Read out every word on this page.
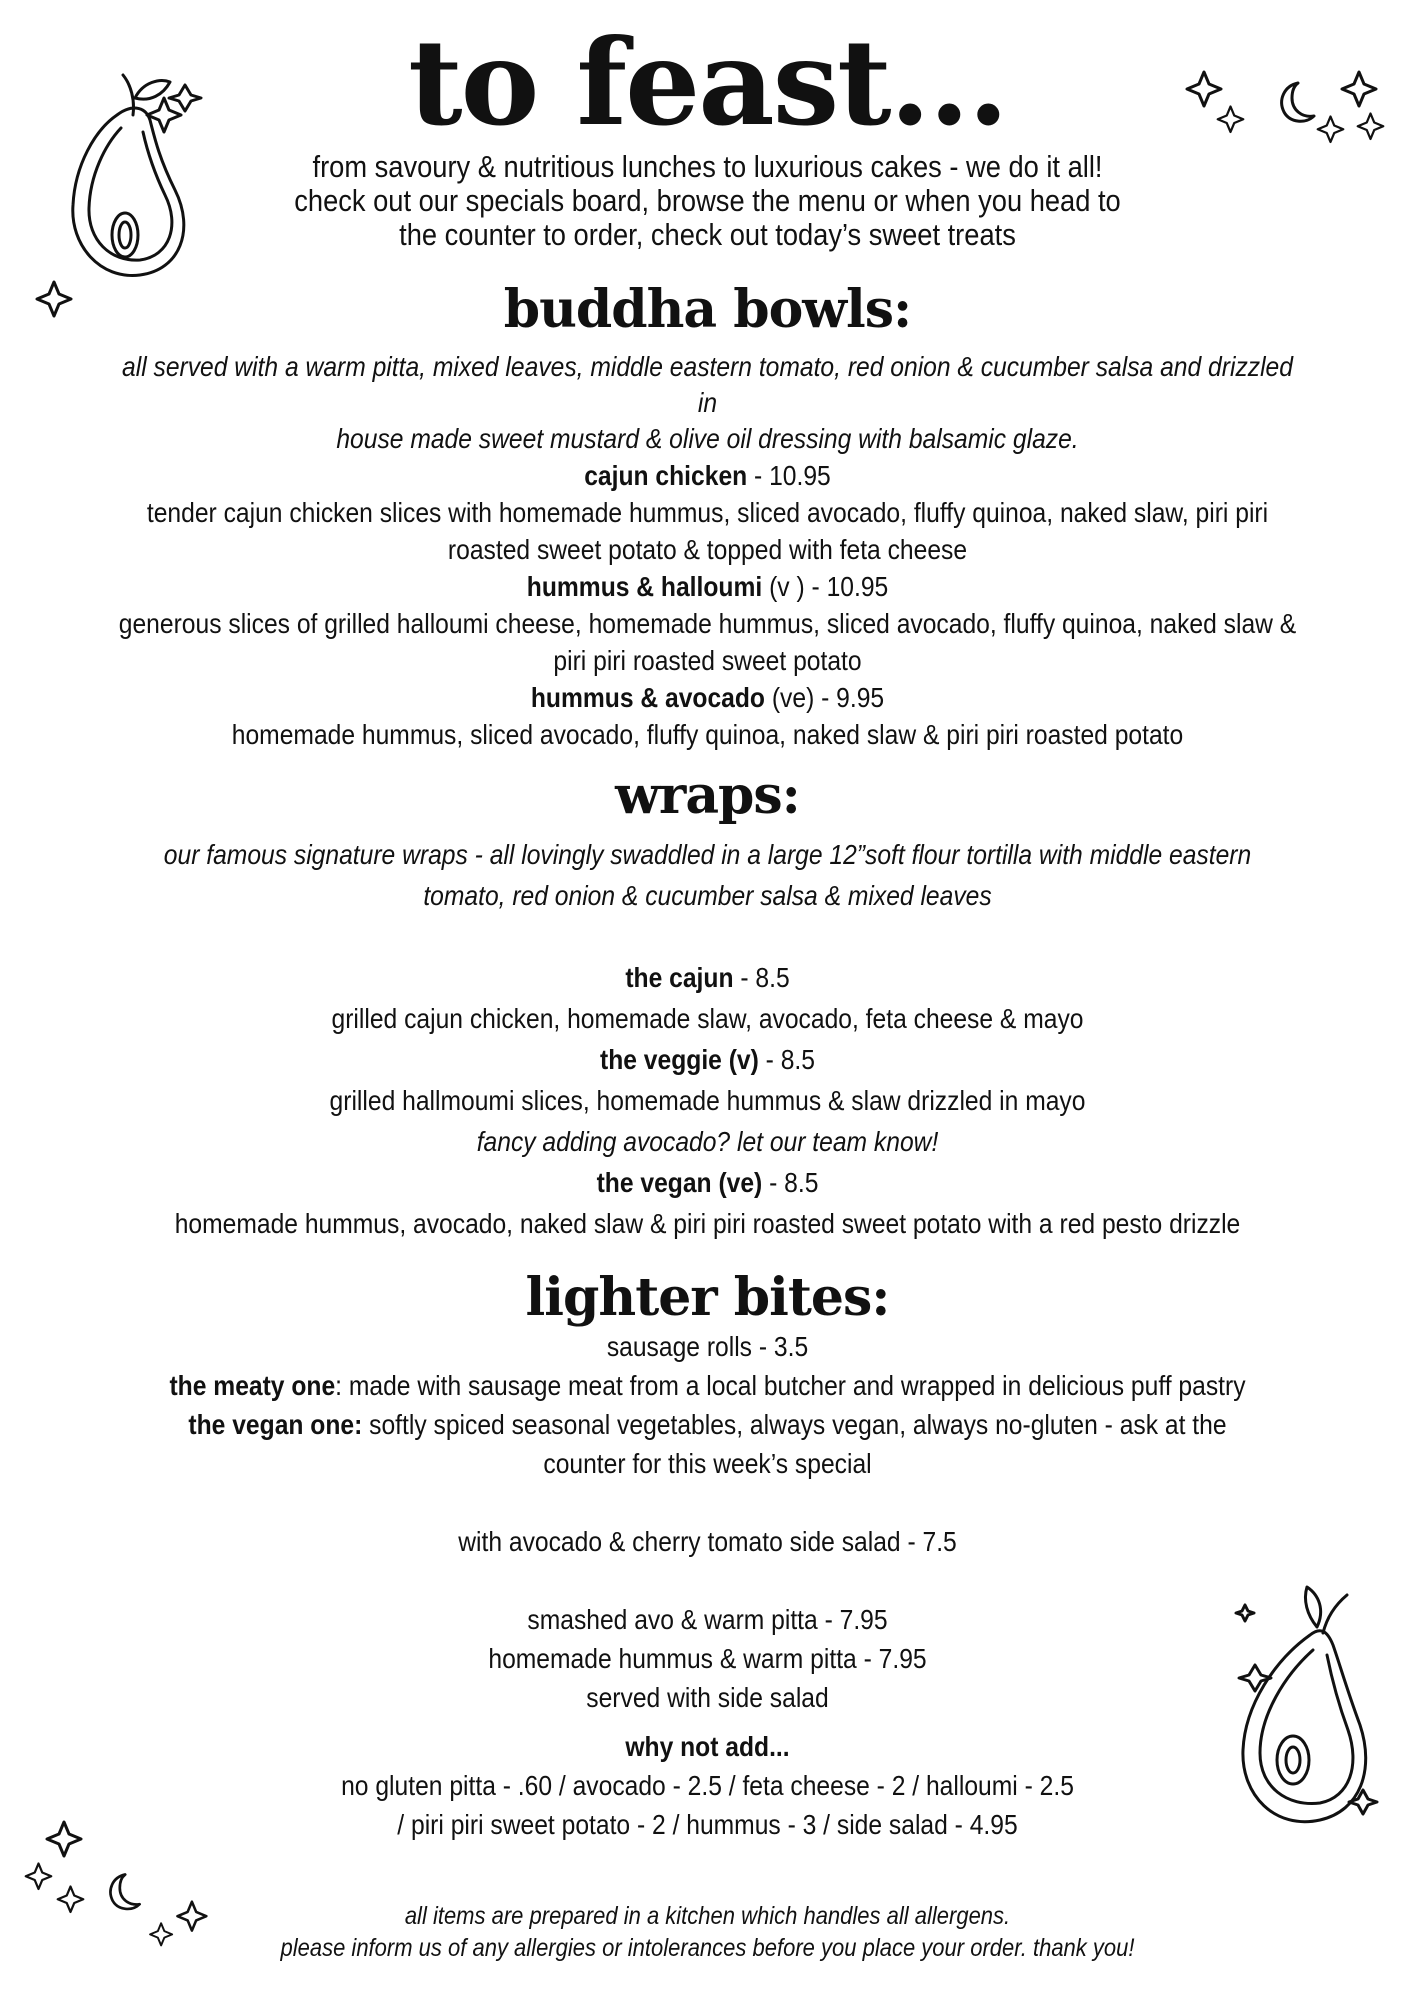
to feast...
from savoury & nutritious lunches to luxurious cakes - we do it all!
check out our specials board, browse the menu or when you head to
the counter to order, check out today’s sweet treats
buddha bowls:
all served with a warm pitta, mixed leaves, middle eastern tomato, red onion & cucumber salsa and drizzled in
house made sweet mustard & olive oil dressing with balsamic glaze.
cajun chicken - 10.95
tender cajun chicken slices with homemade hummus, sliced avocado, fluffy quinoa, naked slaw, piri piri
roasted sweet potato & topped with feta cheese
hummus & halloumi (v ) - 10.95
generous slices of grilled halloumi cheese, homemade hummus, sliced avocado, fluffy quinoa, naked slaw &
piri piri roasted sweet potato
hummus & avocado (ve) - 9.95
homemade hummus, sliced avocado, fluffy quinoa, naked slaw & piri piri roasted potato
wraps:
our famous signature wraps - all lovingly swaddled in a large 12”soft flour tortilla with middle eastern
tomato, red onion & cucumber salsa & mixed leaves
the cajun - 8.5
grilled cajun chicken, homemade slaw, avocado, feta cheese & mayo
the veggie (v) - 8.5
grilled hallmoumi slices, homemade hummus & slaw drizzled in mayo
fancy adding avocado? let our team know!
the vegan (ve) - 8.5
homemade hummus, avocado, naked slaw & piri piri roasted sweet potato with a red pesto drizzle
lighter bites:
sausage rolls - 3.5
the meaty one: made with sausage meat from a local butcher and wrapped in delicious puff pastry
the vegan one: softly spiced seasonal vegetables, always vegan, always no-gluten - ask at the
counter for this week’s special
with avocado & cherry tomato side salad - 7.5
smashed avo & warm pitta - 7.95
homemade hummus & warm pitta - 7.95
served with side salad
why not add...
no gluten pitta - .60 / avocado - 2.5 / feta cheese - 2 / halloumi - 2.5
/ piri piri sweet potato - 2 / hummus - 3 / side salad - 4.95
all items are prepared in a kitchen which handles all allergens.
please inform us of any allergies or intolerances before you place your order. thank you!
